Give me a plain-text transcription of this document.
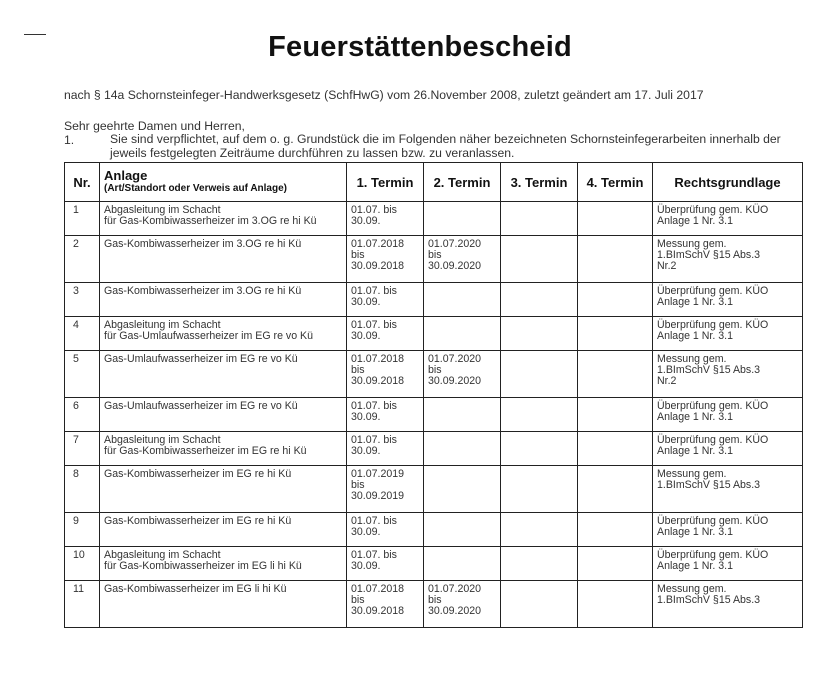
Feuerstättenbescheid
nach § 14a Schornsteinfeger-Handwerksgesetz (SchfHwG) vom 26.November 2008, zuletzt geändert am 17. Juli 2017
Sehr geehrte Damen und Herren,
1.	Sie sind verpflichtet, auf dem o. g. Grundstück die im Folgenden näher bezeichneten Schornsteinfegerarbeiten innerhalb der jeweils festgelegten Zeiträume durchführen zu lassen bzw. zu veranlassen.
Nr.	Anlage
(Art/Standort oder Verweis auf Anlage)	1. Termin	2. Termin	3. Termin	4. Termin	Rechtsgrundlage
1	Abgasleitung im Schacht
für Gas-Kombiwasserheizer im 3.OG re hi Kü	01.07. bis
30.09.				Überprüfung gem. KÜO
Anlage 1 Nr. 3.1
2	Gas-Kombiwasserheizer im 3.OG re hi Kü	01.07.2018
bis
30.09.2018	01.07.2020
bis
30.09.2020			Messung gem.
1.BImSchV §15 Abs.3
Nr.2
3	Gas-Kombiwasserheizer im 3.OG re hi Kü	01.07. bis
30.09.				Überprüfung gem. KÜO
Anlage 1 Nr. 3.1
4	Abgasleitung im Schacht
für Gas-Umlaufwasserheizer im EG re vo Kü	01.07. bis
30.09.				Überprüfung gem. KÜO
Anlage 1 Nr. 3.1
5	Gas-Umlaufwasserheizer im EG re vo Kü	01.07.2018
bis
30.09.2018	01.07.2020
bis
30.09.2020			Messung gem.
1.BImSchV §15 Abs.3
Nr.2
6	Gas-Umlaufwasserheizer im EG re vo Kü	01.07. bis
30.09.				Überprüfung gem. KÜO
Anlage 1 Nr. 3.1
7	Abgasleitung im Schacht
für Gas-Kombiwasserheizer im EG re hi Kü	01.07. bis
30.09.				Überprüfung gem. KÜO
Anlage 1 Nr. 3.1
8	Gas-Kombiwasserheizer im EG re hi Kü	01.07.2019
bis
30.09.2019				Messung gem.
1.BImSchV §15 Abs.3
9	Gas-Kombiwasserheizer im EG re hi Kü	01.07. bis
30.09.				Überprüfung gem. KÜO
Anlage 1 Nr. 3.1
10	Abgasleitung im Schacht
für Gas-Kombiwasserheizer im EG li hi Kü	01.07. bis
30.09.				Überprüfung gem. KÜO
Anlage 1 Nr. 3.1
11	Gas-Kombiwasserheizer im EG li hi Kü	01.07.2018
bis
30.09.2018	01.07.2020
bis
30.09.2020			Messung gem.
1.BImSchV §15 Abs.3
